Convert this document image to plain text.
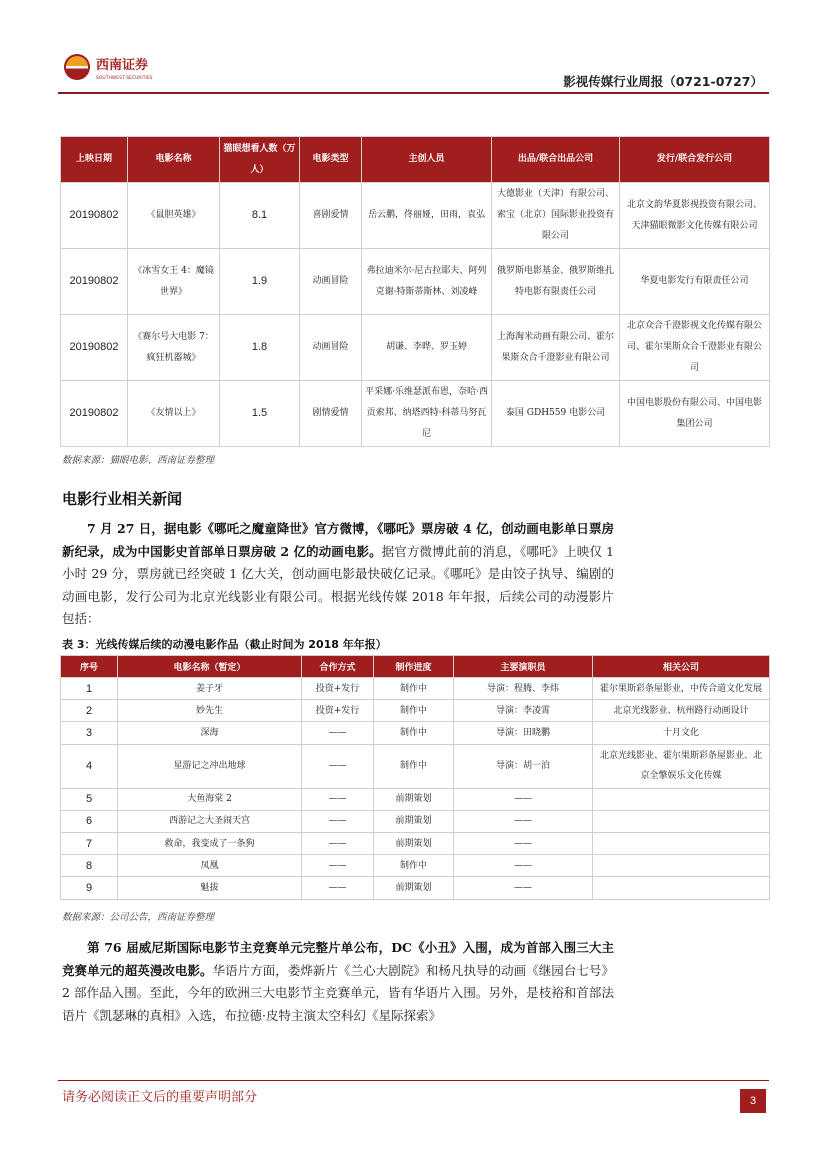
西南证券
SOUTHWEST SECURITIES	影视传媒行业周报（0721-0727）
上映日期	电影名称	猫眼想看人数（万人）	电影类型	主创人员	出品/联合出品公司	发行/联合发行公司
20190802	《鼠胆英雄》	8.1	喜剧爱情	岳云鹏，佟丽娅，田雨，袁弘	大德影业（天津）有限公司、索宝（北京）国际影业投资有限公司	北京文韵华夏影视投资有限公司、天津猫眼微影文化传媒有限公司
20190802	《冰雪女王 4：魔镜世界》	1.9	动画冒险	弗拉迪米尔·尼古拉耶夫、阿列克谢·特斯蒂斯林、刘凌峰	俄罗斯电影基金、俄罗斯维扎特电影有限责任公司	华夏电影发行有限责任公司
20190802	《赛尔号大电影 7：疯狂机器城》	1.8	动画冒险	胡谦、李晔、罗玉婷	上海淘米动画有限公司、霍尔果斯众合千澄影业有限公司	北京众合千澄影视文化传媒有限公司、霍尔果斯众合千澄影业有限公司
20190802	《友情以上》	1.5	剧情爱情	平采娜·乐维瑟派布恩，奈哈·西贡索邦、纳塔西特·科蒂马努瓦尼	泰国 GDH559 电影公司	中国电影股份有限公司、中国电影集团公司
数据来源：猫眼电影、西南证券整理
电影行业相关新闻

  7 月 27 日，据电影《哪吒之魔童降世》官方微博，《哪吒》票房破 4 亿，创动画电影单日票房新纪录，成为中国影史首部单日票房破 2 亿的动画电影。据官方微博此前的消息，《哪吒》上映仅 1 小时 29 分，票房就已经突破 1 亿大关，创动画电影最快破亿记录。《哪吒》是由饺子执导、编剧的动画电影，发行公司为北京光线影业有限公司。根据光线传媒 2018 年年报，后续公司的动漫影片包括：

表 3：光线传媒后续的动漫电影作品（截止时间为 2018 年年报）
序号	电影名称（暂定）	合作方式	制作进度	主要演职员	相关公司
1	姜子牙	投资+发行	制作中	导演：程腾、李炜	霍尔果斯彩条屋影业，中传合道文化发展
2	妙先生	投资+发行	制作中	导演：李凌霄	北京光线影业、杭州路行动画设计
3	深海	——	制作中	导演：田晓鹏	十月文化
4	星游记之冲出地球	——	制作中	导演：胡一泊	北京光线影业、霍尔果斯彩条屋影业、北京全擎娱乐文化传媒
5	大鱼海棠 2	——	前期策划	——	
6	西游记之大圣闹天宫	——	前期策划	——	
7	救命，我变成了一条狗	——	前期策划	——	
8	凤凰	——	制作中	——	
9	魁拔	——	前期策划	——	
数据来源：公司公告，西南证券整理

  第 76 届威尼斯国际电影节主竞赛单元完整片单公布，DC《小丑》入围，成为首部入围三大主竞赛单元的超英漫改电影。华语片方面，娄烨新片《兰心大剧院》和杨凡执导的动画《继园台七号》2 部作品入围。至此，今年的欧洲三大电影节主竞赛单元，皆有华语片入围。另外，是枝裕和首部法语片《凯瑟琳的真相》入选，布拉德·皮特主演太空科幻《星际探索》

请务必阅读正文后的重要声明部分	3
